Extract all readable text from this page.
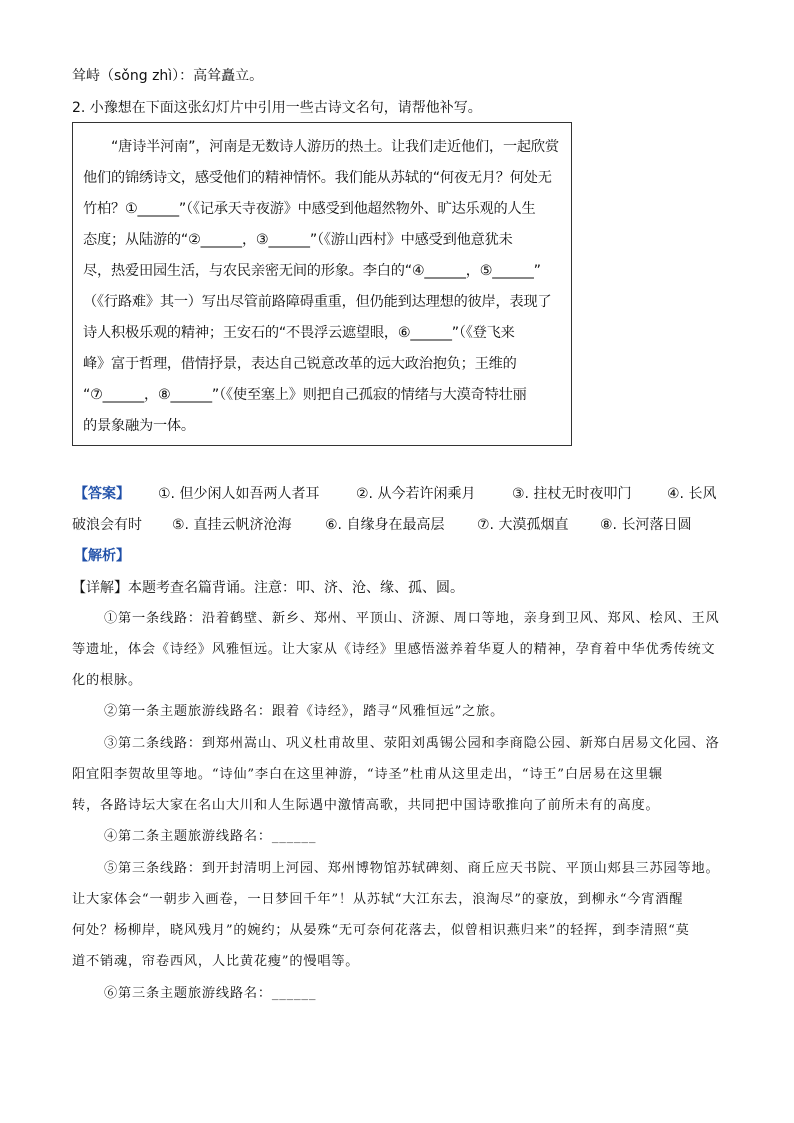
耸峙（sǒng zhì）：高耸矗立。
2. 小豫想在下面这张幻灯片中引用一些古诗文名句，请帮他补写。
　　“唐诗半河南”，河南是无数诗人游历的热土。让我们走近他们，一起欣赏
他们的锦绣诗文，感受他们的精神情怀。我们能从苏轼的“何夜无月？何处无
竹柏？①______”（《记承天寺夜游》中感受到他超然物外、旷达乐观的人生
态度；从陆游的“②______，③______”（《游山西村》中感受到他意犹未
尽，热爱田园生活，与农民亲密无间的形象。李白的“④______，⑤______”
（《行路难》其一）写出尽管前路障碍重重，但仍能到达理想的彼岸，表现了
诗人积极乐观的精神；王安石的“不畏浮云遮望眼，⑥______”（《登飞来
峰》富于哲理，借情抒景，表达自己锐意改革的远大政治抱负；王维的
“⑦______，⑧______”（《使至塞上》则把自己孤寂的情绪与大漠奇特壮丽
的景象融为一体。
【答案】 ①. 但少闲人如吾两人者耳	②. 从今若许闲乘月	③. 拄杖无时夜叩门	④. 长风
破浪会有时 ⑤. 直挂云帆济沧海 ⑥. 自缘身在最高层 ⑦. 大漠孤烟直 ⑧. 长河落日圆
【解析】
【详解】本题考查名篇背诵。注意：叩、济、沧、缘、孤、圆。
①第一条线路：沿着鹤壁、新乡、郑州、平顶山、济源、周口等地，亲身到卫风、郑风、桧风、王风
等遗址，体会《诗经》风雅恒远。让大家从《诗经》里感悟滋养着华夏人的精神，孕育着中华优秀传统文
化的根脉。
②第一条主题旅游线路名：跟着《诗经》，踏寻“风雅恒远”之旅。
③第二条线路：到郑州嵩山、巩义杜甫故里、荥阳刘禹锡公园和李商隐公园、新郑白居易文化园、洛
阳宜阳李贺故里等地。“诗仙”李白在这里神游，“诗圣”杜甫从这里走出，“诗王”白居易在这里辗
转，各路诗坛大家在名山大川和人生际遇中激情高歌，共同把中国诗歌推向了前所未有的高度。
④第二条主题旅游线路名：______
⑤第三条线路：到开封清明上河园、郑州博物馆苏轼碑刻、商丘应天书院、平顶山郏县三苏园等地。
让大家体会“一朝步入画卷，一日梦回千年”！从苏轼“大江东去，浪淘尽”的豪放，到柳永“今宵酒醒
何处？杨柳岸，晓风残月”的婉约；从晏殊“无可奈何花落去，似曾相识燕归来”的轻挥，到李清照“莫
道不销魂，帘卷西风，人比黄花瘦”的慢唱等。
⑥第三条主题旅游线路名：______
